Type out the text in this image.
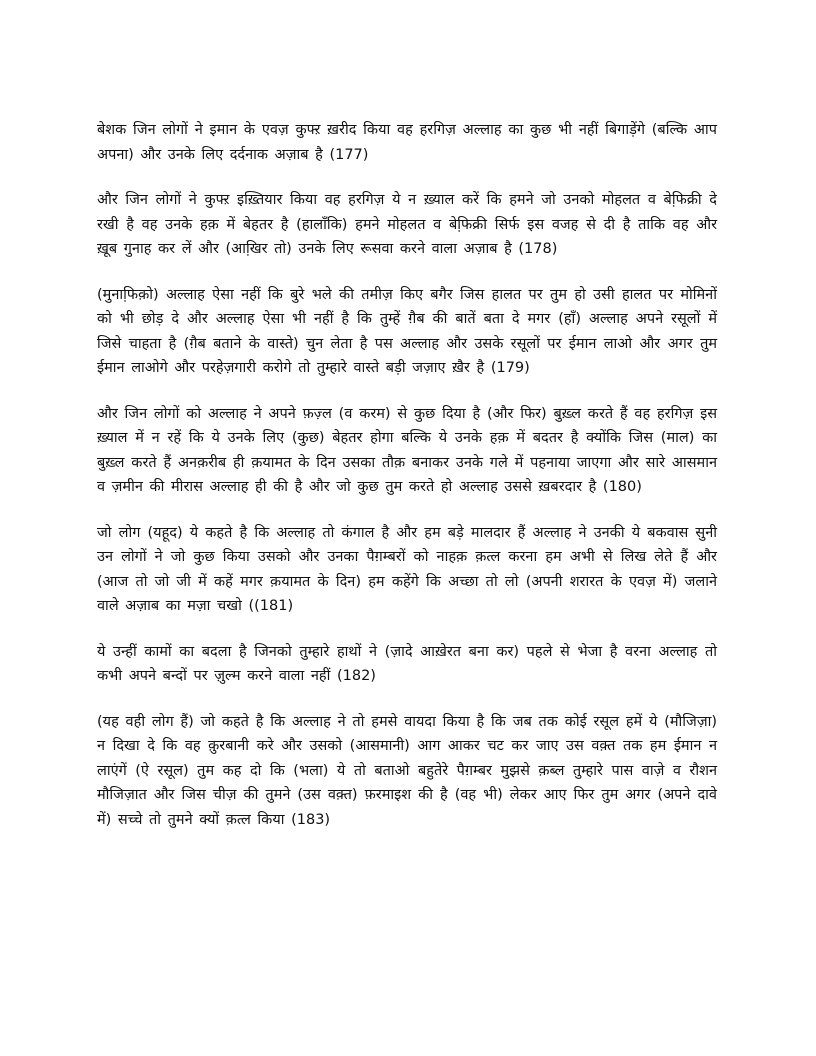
बेशक जिन लोगों ने इमान के एवज़ कुफ्ऱ ख़रीद किया वह हरगिज़ अल्लाह का कुछ भी नहीं बिगाड़ेंगे (बल्कि आप अपना) और उनके लिए दर्दनाक अज़ाब है (177)

और जिन लोगों ने कुफ्ऱ इख़्तियार किया वह हरगिज़ ये न ख़्याल करें कि हमने जो उनको मोहलत व बेफि़क्री दे रखी है वह उनके हक़ में बेहतर है (हालाँकि) हमने मोहलत व बेफि़क्री सिर्फ इस वजह से दी है ताकि वह और ख़ूब गुनाह कर लें और (आखि़र तो) उनके लिए रूसवा करने वाला अज़ाब है (178)

(मुनाफि़क़ो) अल्लाह ऐसा नहीं कि बुरे भले की तमीज़ किए बगैर जिस हालत पर तुम हो उसी हालत पर मोमिनों को भी छोड़ दे और अल्लाह ऐसा भी नहीं है कि तुम्हें ग़ैब की बातें बता दे मगर (हाँ) अल्लाह अपने रसूलों में जिसे चाहता है (ग़ैब बताने के वास्ते) चुन लेता है पस अल्लाह और उसके रसूलों पर ईमान लाओ और अगर तुम ईमान लाओगे और परहेज़गारी करोगे तो तुम्हारे वास्ते बड़ी जज़ाए ख़ैर है (179)

और जिन लोगों को अल्लाह ने अपने फ़ज़्ल (व करम) से कुछ दिया है (और फिर) बुख़्ल करते हैं वह हरगिज़ इस ख़्याल में न रहें कि ये उनके लिए (कुछ) बेहतर होगा बल्कि ये उनके हक़ में बदतर है क्योंकि जिस (माल) का बुख़्ल करते हैं अनक़रीब ही क़यामत के दिन उसका तौक़ बनाकर उनके गले में पहनाया जाएगा और सारे आसमान व ज़मीन की मीरास अल्लाह ही की है और जो कुछ तुम करते हो अल्लाह उससे ख़बरदार है (180)

जो लोग (यहूद) ये कहते है कि अल्लाह तो कंगाल है और हम बड़े मालदार हैं अल्लाह ने उनकी ये बकवास सुनी उन लोगों ने जो कुछ किया उसको और उनका पैग़म्बरों को नाहक़ क़त्ल करना हम अभी से लिख लेते हैं और (आज तो जो जी में कहें मगर क़यामत के दिन) हम कहेंगे कि अच्छा तो लो (अपनी शरारत के एवज़ में) जलाने वाले अज़ाब का मज़ा चखो ((181)

ये उन्हीं कामों का बदला है जिनको तुम्हारे हाथों ने (ज़ादे आख़ेरत बना कर) पहले से भेजा है वरना अल्लाह तो कभी अपने बन्दों पर ज़ुल्म करने वाला नहीं (182)

(यह वही लोग हैं) जो कहते है कि अल्लाह ने तो हमसे वायदा किया है कि जब तक कोई रसूल हमें ये (मौजिज़ा) न दिखा दे कि वह क़ुरबानी करे और उसको (आसमानी) आग आकर चट कर जाए उस वक़्त तक हम ईमान न लाएंगें (ऐ रसूल) तुम कह दो कि (भला) ये तो बताओ बहुतेरे पैग़म्बर मुझसे क़ब्ल तुम्हारे पास वाज़े व रौशन मौजिज़ात और जिस चीज़ की तुमने (उस वक़्त) फ़रमाइश की है (वह भी) लेकर आए फिर तुम अगर (अपने दावे में) सच्चे तो तुमने क्यों क़त्ल किया (183)
